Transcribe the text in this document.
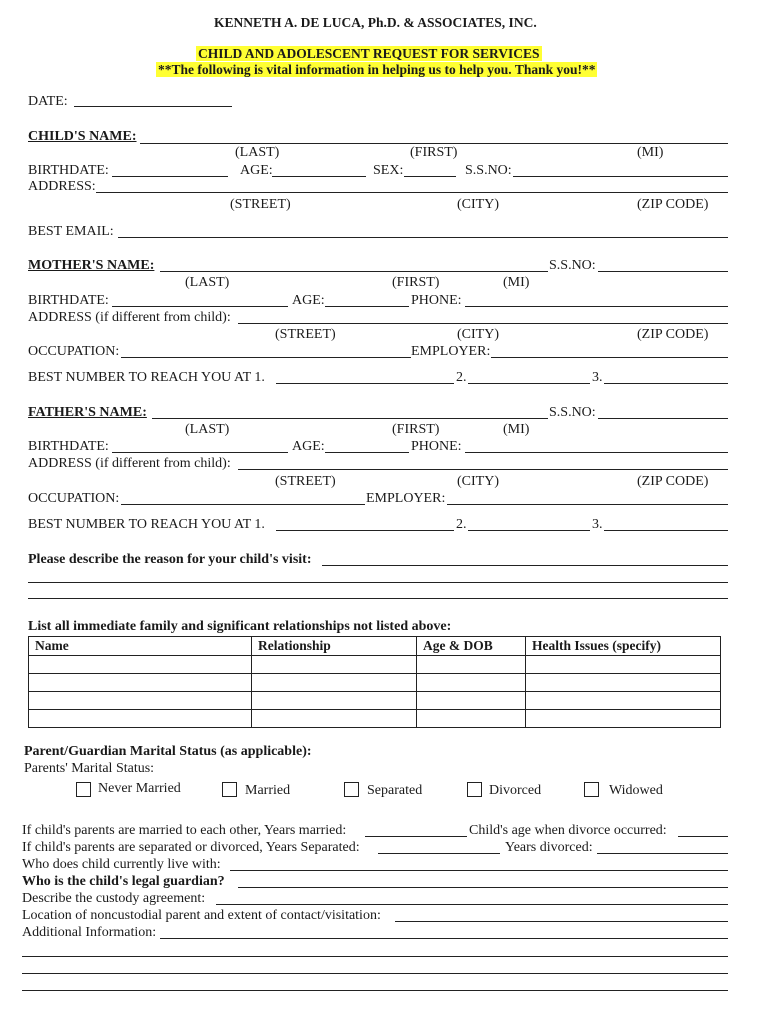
KENNETH A. DE LUCA, Ph.D. & ASSOCIATES, INC.
CHILD AND ADOLESCENT REQUEST FOR SERVICES
**The following is vital information in helping us to help you. Thank you!**
DATE:
CHILD'S NAME:
(LAST)	(FIRST)	(MI)
BIRTHDATE:	AGE:	SEX:	S.S.NO:
ADDRESS:
(STREET)	(CITY)	(ZIP CODE)
BEST EMAIL:
MOTHER'S NAME:	S.S.NO:
(LAST)	(FIRST)	(MI)
BIRTHDATE:	AGE:	PHONE:
ADDRESS (if different from child):
(STREET)	(CITY)	(ZIP CODE)
OCCUPATION:	EMPLOYER:
BEST NUMBER TO REACH YOU AT 1.	2.	3.
FATHER'S NAME:	S.S.NO:
(LAST)	(FIRST)	(MI)
BIRTHDATE:	AGE:	PHONE:
ADDRESS (if different from child):
(STREET)	(CITY)	(ZIP CODE)
OCCUPATION:	EMPLOYER:
BEST NUMBER TO REACH YOU AT 1.	2.	3.
Please describe the reason for your child's visit:
List all immediate family and significant relationships not listed above:
Name	Relationship	Age & DOB	Health Issues (specify)

Parent/Guardian Marital Status (as applicable):
Parents' Marital Status:
Never Married	Married	Separated	Divorced	Widowed
If child's parents are married to each other, Years married:	Child's age when divorce occurred:
If child's parents are separated or divorced, Years Separated:	Years divorced:
Who does child currently live with:
Who is the child's legal guardian?
Describe the custody agreement:
Location of noncustodial parent and extent of contact/visitation:
Additional Information:
